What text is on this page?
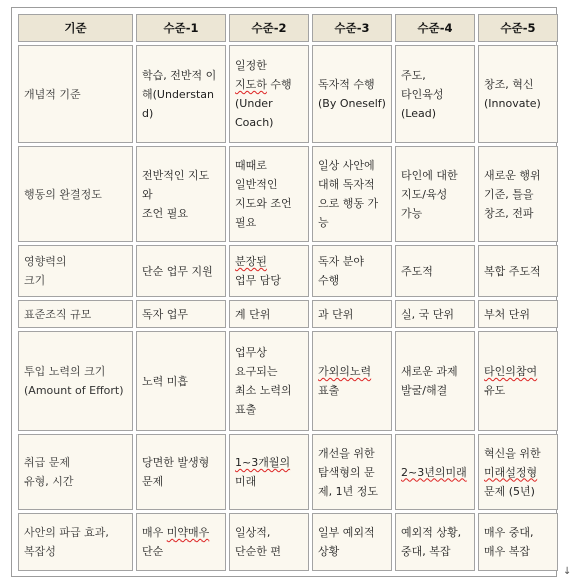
기준	수준-1	수준-2	수준-3	수준-4	수준-5

개념적 기준	학습, 전반적 이
해(Understand)	일정한
지도하 수행
(Under
Coach)	독자적 수행
(By Oneself)	주도,
타인육성
(Lead)	창조, 혁신
(Innovate)

행동의 완결정도	전반적인 지도
와
조언 필요	때때로
일반적인
지도와 조언
필요	일상 사안에
대해 독자적
으로 행동 가
능	타인에 대한
지도/육성
가능	새로운 행위
기준, 틀을
창조, 전파

영향력의
크기	단순 업무 지원	분장된
업무 담당	독자 분야
수행	주도적	복합 주도적

표준조직 규모	독자 업무	계 단위	과 단위	실, 국 단위	부처 단위

투입 노력의 크기
(Amount of Effort)	노력 미흡	업무상
요구되는
최소 노력의
표출	가외의노력
표출	새로운 과제
발굴/해결	타인의참여
유도

취급 문제
유형, 시간	당면한 발생형
문제	1~3개월의
미래	개선을 위한
탐색형의 문
제, 1년 정도	2~3년의미래	혁신을 위한
미래설정형
문제 (5년)

사안의 파급 효과,
복잡성	매우 미약매우
단순	일상적,
단순한 편	일부 예외적
상황	예외적 상황,
중대, 복잡	매우 중대,
매우 복잡
↓
